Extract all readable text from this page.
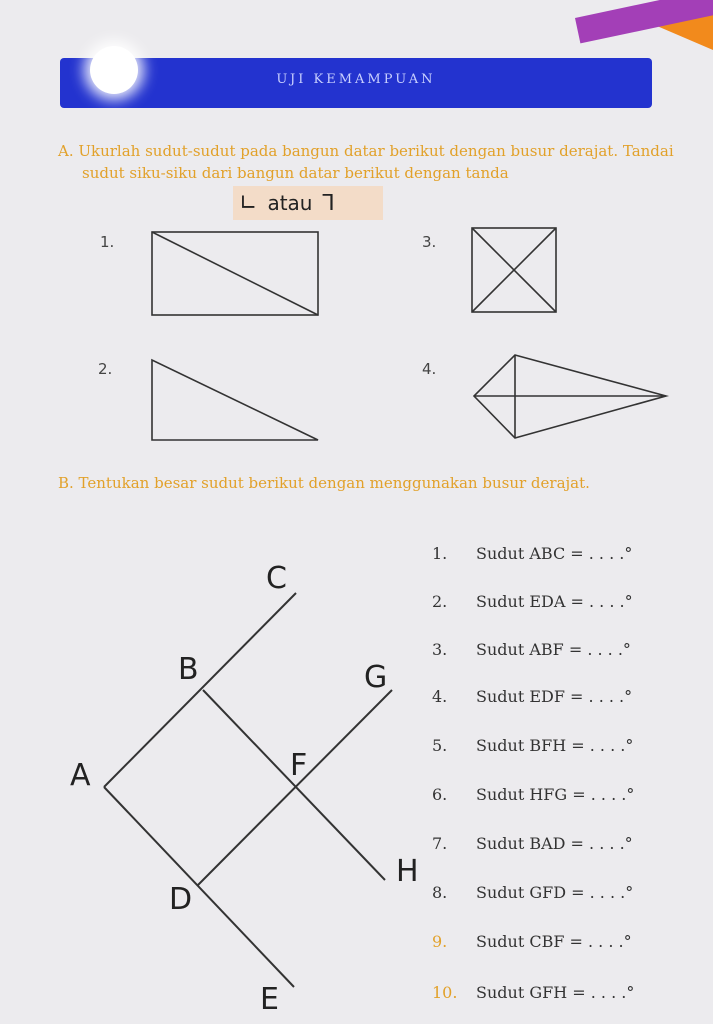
UJI KEMAMPUAN
A. Ukurlah sudut-sudut pada bangun datar berikut dengan busur derajat. Tandai sudut siku-siku dari bangun datar berikut dengan tanda
∟ atau ⅂
1.
2.
3.
4.
B. Tentukan besar sudut berikut dengan menggunakan busur derajat.
C
B	G
A	F
H
D
E
1. Sudut ABC = . . . .°
2. Sudut EDA = . . . .°
3. Sudut ABF = . . . .°
4. Sudut EDF = . . . .°
5. Sudut BFH = . . . .°
6. Sudut HFG = . . . .°
7. Sudut BAD = . . . .°
8. Sudut GFD = . . . .°
9. Sudut CBF = . . . .°
10. Sudut GFH = . . . .°
